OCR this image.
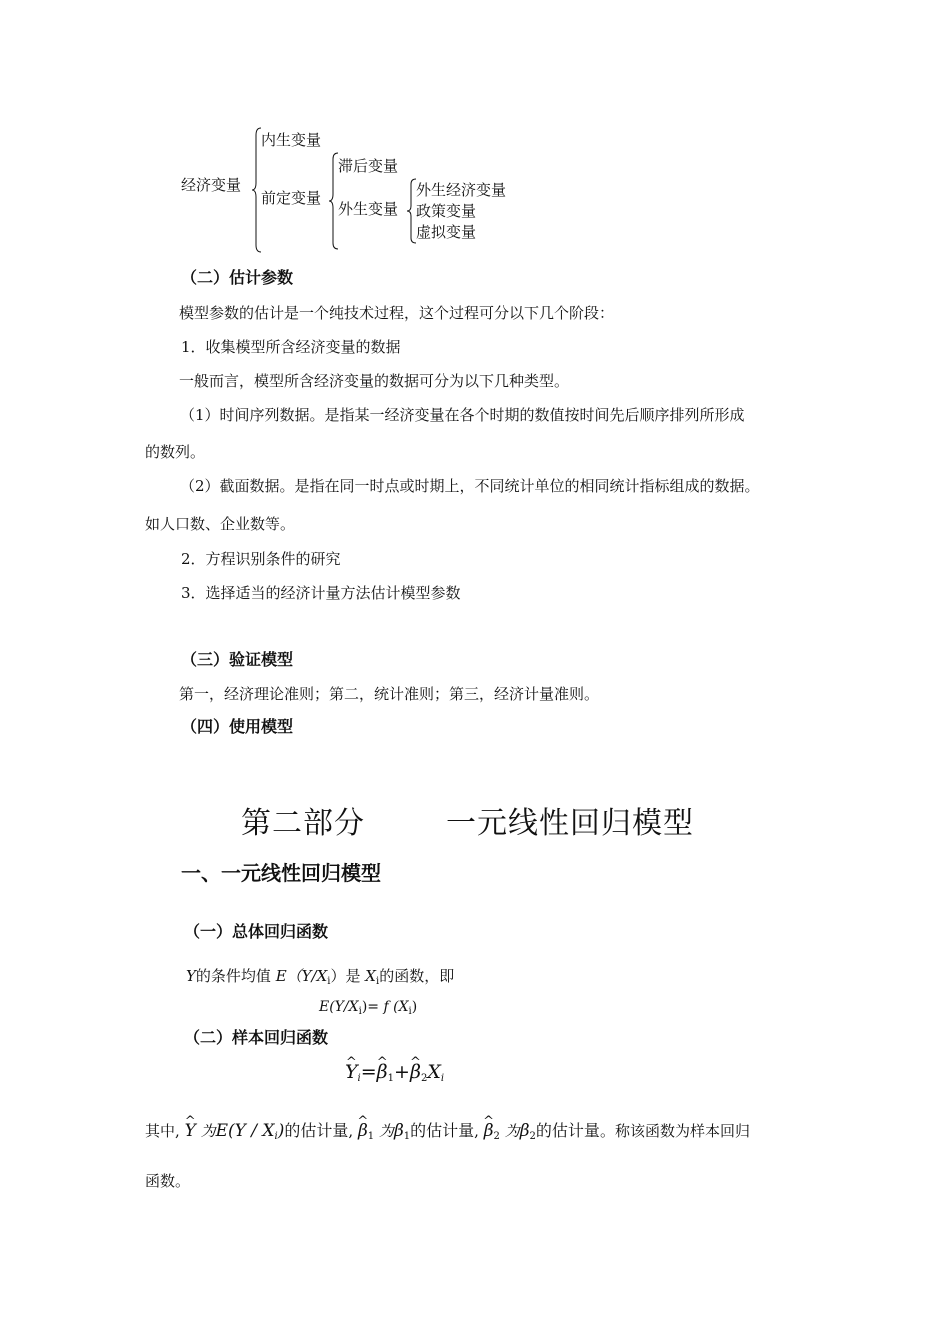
经济变量
内生变量
前定变量
滞后变量
外生变量
外生经济变量
政策变量
虚拟变量
（二）估计参数
模型参数的估计是一个纯技术过程，这个过程可分以下几个阶段：
1．收集模型所含经济变量的数据
一般而言，模型所含经济变量的数据可分为以下几种类型。
（1）时间序列数据。是指某一经济变量在各个时期的数值按时间先后顺序排列所形成
的数列。
（2）截面数据。是指在同一时点或时期上，不同统计单位的相同统计指标组成的数据。
如人口数、企业数等。
2．方程识别条件的研究
3．选择适当的经济计量方法估计模型参数
（三）验证模型
第一，经济理论准则；第二，统计准则；第三，经济计量准则。
（四）使用模型
第二部分	一元线性回归模型
一、一元线性回归模型
（一）总体回归函数
Y的条件均值 $E(Y/X_i)$是 $X_i$的函数，即
$E(Y/X_i)= f$ $(X_i)$
（二）样本回归函数
^ $Y_i=\^{}$ $\beta_1+\^{}$ $\beta_2X_i$
其中, ^ Y 为$E(Y / X_i)$的估计量, ^ $\beta_1$ 为$\beta_1$的估计量, ^ $\beta_2$ 为$\beta_2$的估计量。称该函数为样本回归
函数。
